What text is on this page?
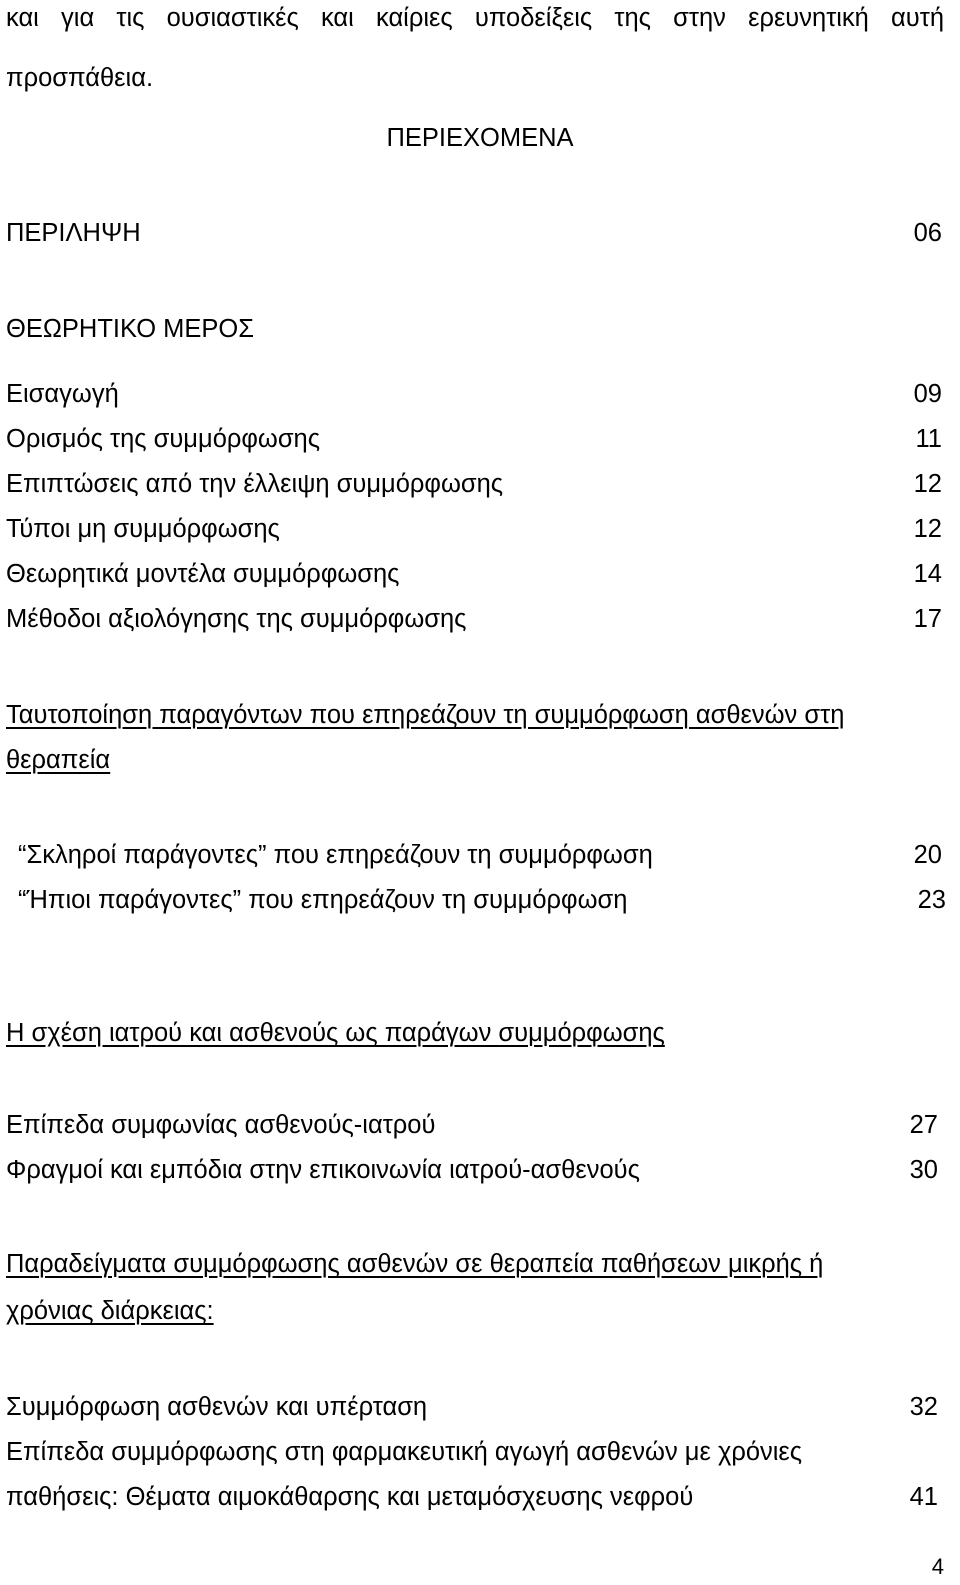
και για τις ουσιαστικές και καίριες υποδείξεις της στην ερευνητική αυτή
προσπάθεια.
ΠΕΡΙΕΧΟΜΕΝΑ
ΠΕΡΙΛΗΨΗ	06
ΘΕΩΡΗΤΙΚΟ ΜΕΡΟΣ
Εισαγωγή	09
Ορισμός της συμμόρφωσης	11
Επιπτώσεις από την έλλειψη συμμόρφωσης	12
Τύποι μη συμμόρφωσης	12
Θεωρητικά μοντέλα συμμόρφωσης	14
Μέθοδοι αξιολόγησης της συμμόρφωσης	17
Ταυτοποίηση παραγόντων που επηρεάζουν τη συμμόρφωση ασθενών στη
θεραπεία
“Σκληροί παράγοντες” που επηρεάζουν τη συμμόρφωση	20
“Ήπιοι παράγοντες” που επηρεάζουν τη συμμόρφωση	23
Η σχέση ιατρού και ασθενούς ως παράγων συμμόρφωσης
Επίπεδα συμφωνίας ασθενούς-ιατρού	27
Φραγμοί και εμπόδια στην επικοινωνία ιατρού-ασθενούς	30
Παραδείγματα συμμόρφωσης ασθενών σε θεραπεία παθήσεων μικρής ή
χρόνιας διάρκειας:
Συμμόρφωση ασθενών και υπέρταση	32
Επίπεδα συμμόρφωσης στη φαρμακευτική αγωγή ασθενών με χρόνιες
παθήσεις: Θέματα αιμοκάθαρσης και μεταμόσχευσης νεφρού	41
4
